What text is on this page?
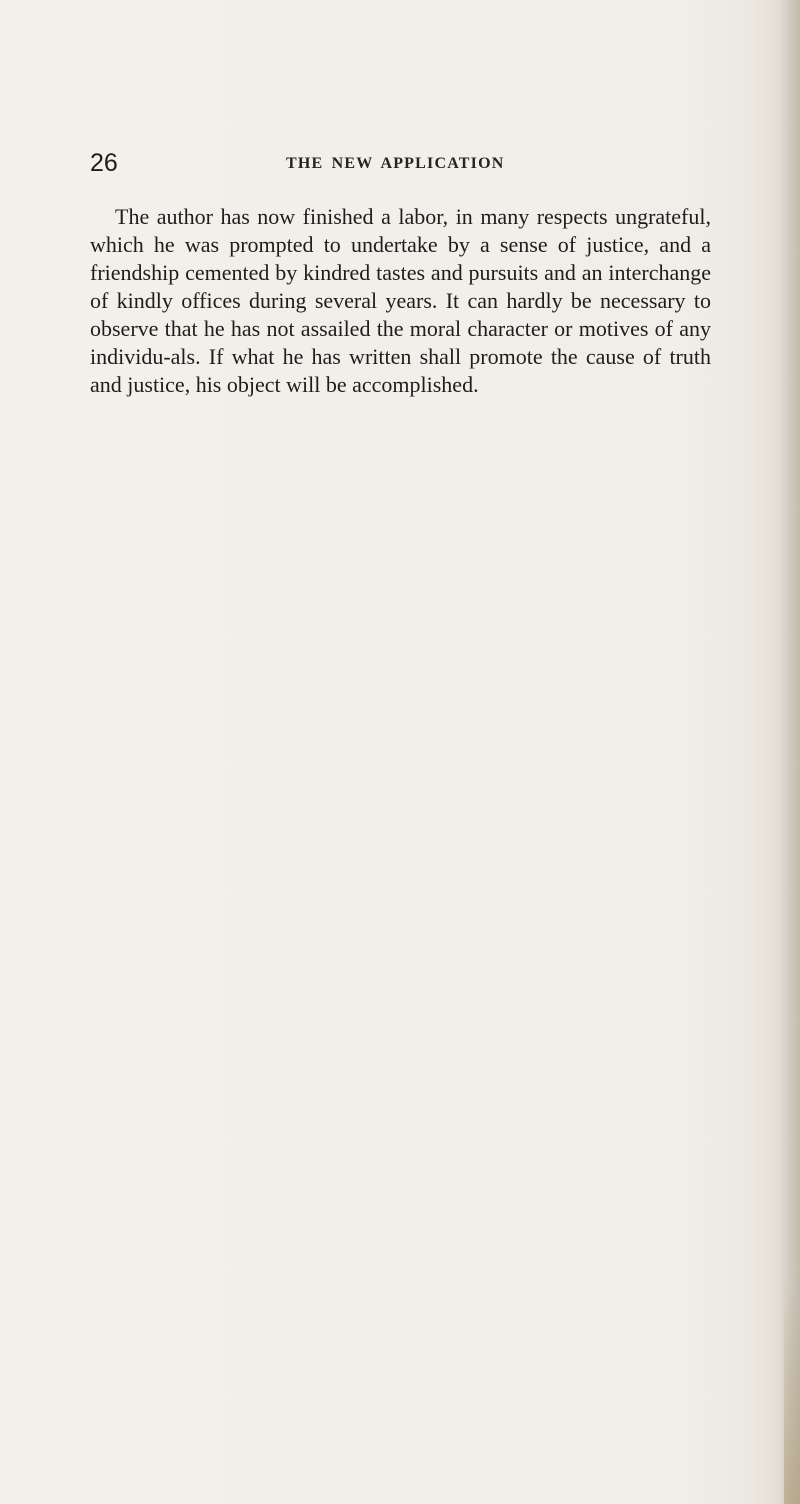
26	THE NEW APPLICATION

The author has now finished a labor, in many respects ungrateful, which he was prompted to undertake by a sense of justice, and a friendship cemented by kindred tastes and pursuits and an interchange of kindly offices during several years. It can hardly be necessary to observe that he has not assailed the moral character or motives of any individu-als. If what he has written shall promote the cause of truth and justice, his object will be accomplished.
